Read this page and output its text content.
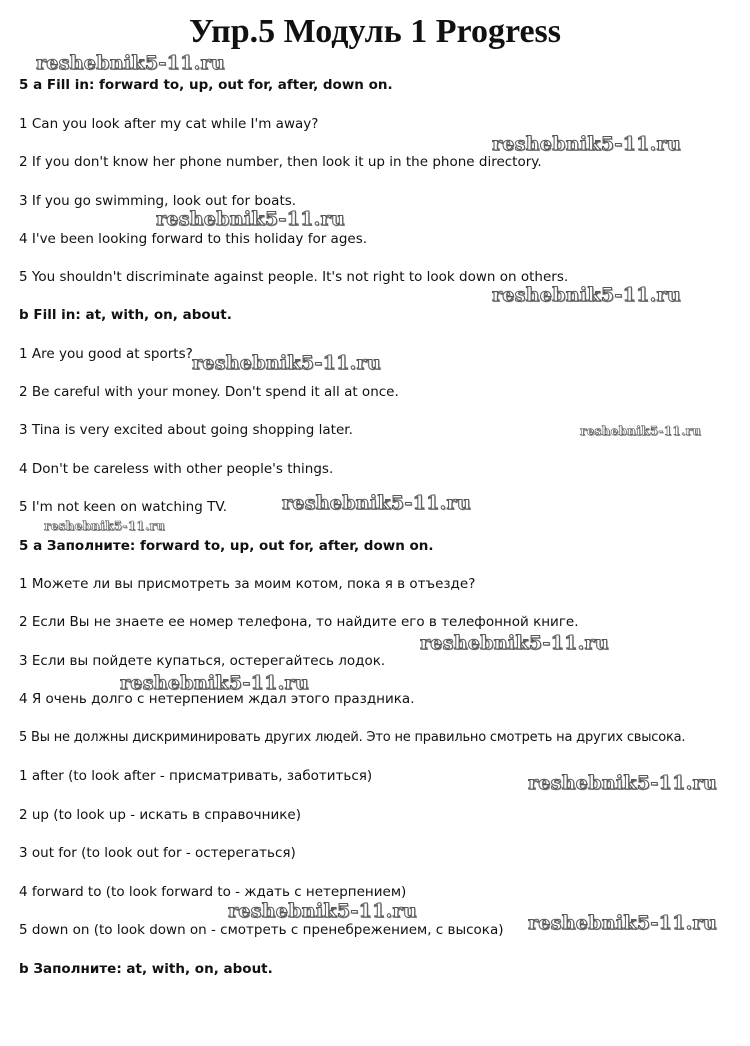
Упр.5 Модуль 1 Progress
5 a Fill in: forward to, up, out for, after, down on.
1 Can you look after my cat while I'm away?
2 If you don't know her phone number, then look it up in the phone directory.
3 If you go swimming, look out for boats.
4 I've been looking forward to this holiday for ages.
5 You shouldn't discriminate against people. It's not right to look down on others.
b Fill in: at, with, on, about.
1 Are you good at sports?
2 Be careful with your money. Don't spend it all at once.
3 Tina is very excited about going shopping later.
4 Don't be careless with other people's things.
5 I'm not keen on watching TV.
5 а Заполните: forward to, up, out for, after, down on.
1 Можете ли вы присмотреть за моим котом, пока я в отъезде?
2 Если Вы не знаете ее номер телефона, то найдите его в телефонной книге.
3 Если вы пойдете купаться, остерегайтесь лодок.
4 Я очень долго с нетерпением ждал этого праздника.
5 Вы не должны дискриминировать других людей. Это не правильно смотреть на других свысока.
1 after (to look after - присматривать, заботиться)
2 up (to look up - искать в справочнике)
3 out for (to look out for - остерегаться)
4 forward to (to look forward to - ждать с нетерпением)
5 down on (to look down on - смотреть с пренебрежением, с высока)
b Заполните: at, with, on, about.
reshebnik5-11.ru
reshebnik5-11.ru
reshebnik5-11.ru
reshebnik5-11.ru
reshebnik5-11.ru
reshebnik5-11.ru
reshebnik5-11.ru
reshebnik5-11.ru
reshebnik5-11.ru
reshebnik5-11.ru
reshebnik5-11.ru
reshebnik5-11.ru
reshebnik5-11.ru
